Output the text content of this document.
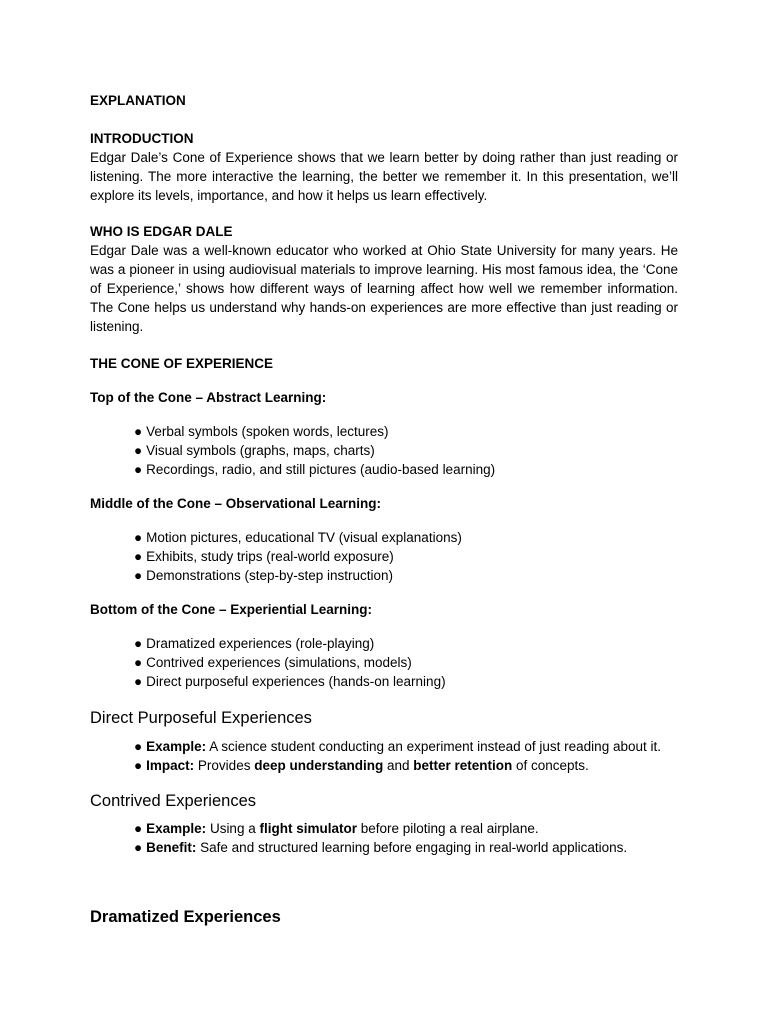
EXPLANATION
INTRODUCTION

Edgar Dale’s Cone of Experience shows that we learn better by doing rather than just reading or listening. The more interactive the learning, the better we remember it. In this presentation, we’ll explore its levels, importance, and how it helps us learn effectively.

WHO IS EDGAR DALE

Edgar Dale was a well-known educator who worked at Ohio State University for many years. He was a pioneer in using audiovisual materials to improve learning. His most famous idea, the ‘Cone of Experience,’ shows how different ways of learning affect how well we remember information. The Cone helps us understand why hands-on experiences are more effective than just reading or listening.

THE CONE OF EXPERIENCE
Top of the Cone – Abstract Learning:
● Verbal symbols (spoken words, lectures)
● Visual symbols (graphs, maps, charts)
● Recordings, radio, and still pictures (audio-based learning)
Middle of the Cone – Observational Learning:
● Motion pictures, educational TV (visual explanations)
● Exhibits, study trips (real-world exposure)
● Demonstrations (step-by-step instruction)
Bottom of the Cone – Experiential Learning:
● Dramatized experiences (role-playing)
● Contrived experiences (simulations, models)
● Direct purposeful experiences (hands-on learning)
Direct Purposeful Experiences
● Example: A science student conducting an experiment instead of just reading about it.
● Impact: Provides deep understanding and better retention of concepts.
Contrived Experiences
● Example: Using a flight simulator before piloting a real airplane.
● Benefit: Safe and structured learning before engaging in real-world applications.
Dramatized Experiences
